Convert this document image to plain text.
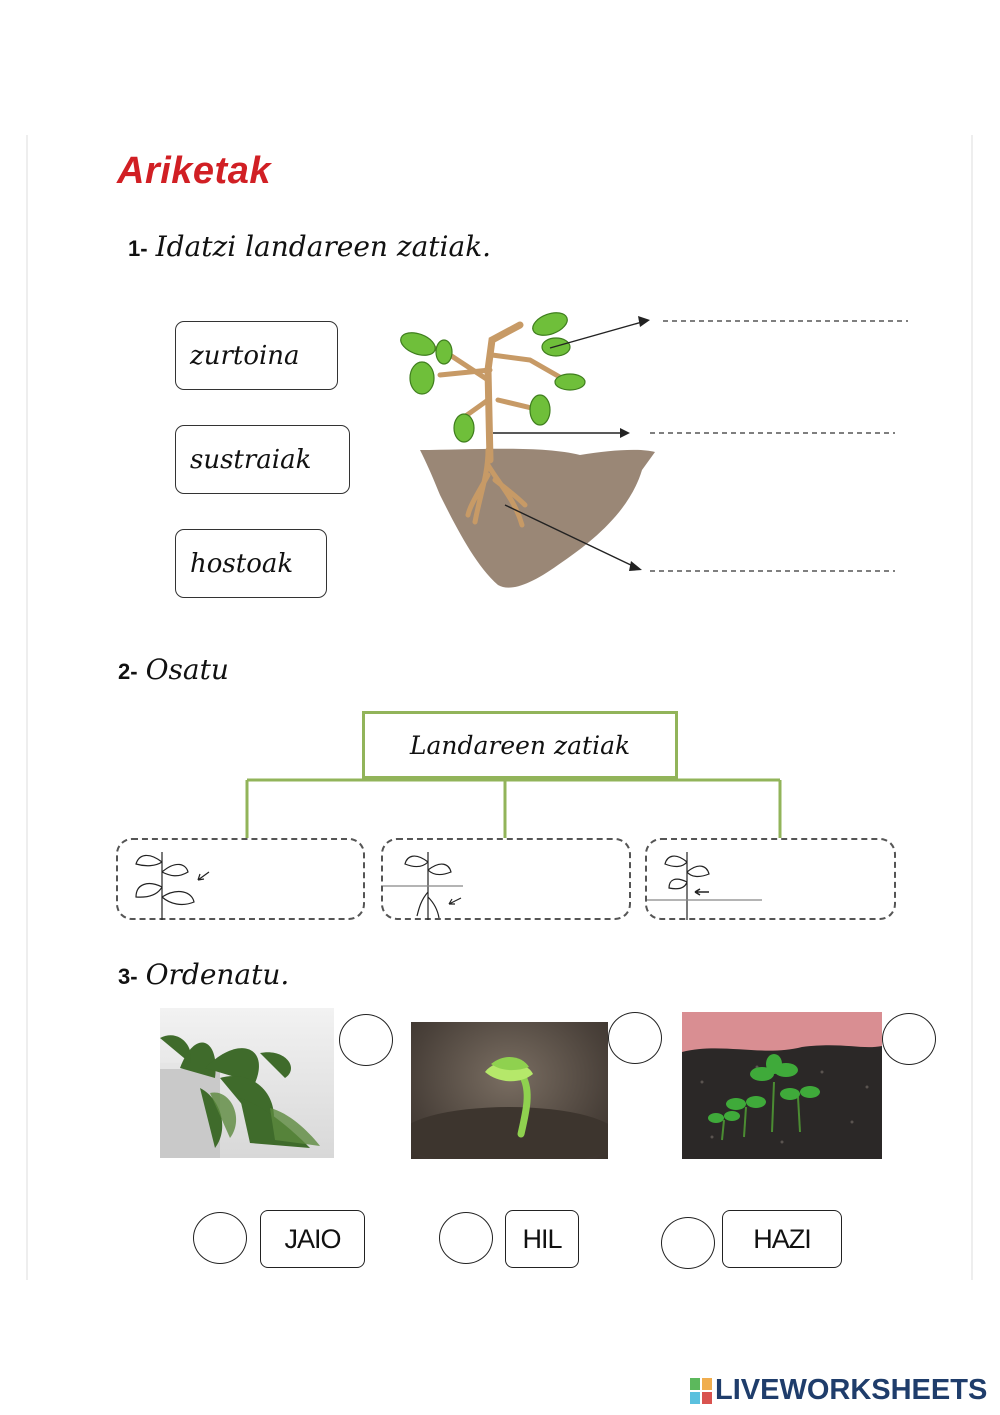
Ariketak
1- Idatzi landareen zatiak.
zurtoina
sustraiak
hostoak
2- Osatu
Landareen zatiak
3- Ordenatu.
JAIO	HIL	HAZI
LIVEWORKSHEETS
